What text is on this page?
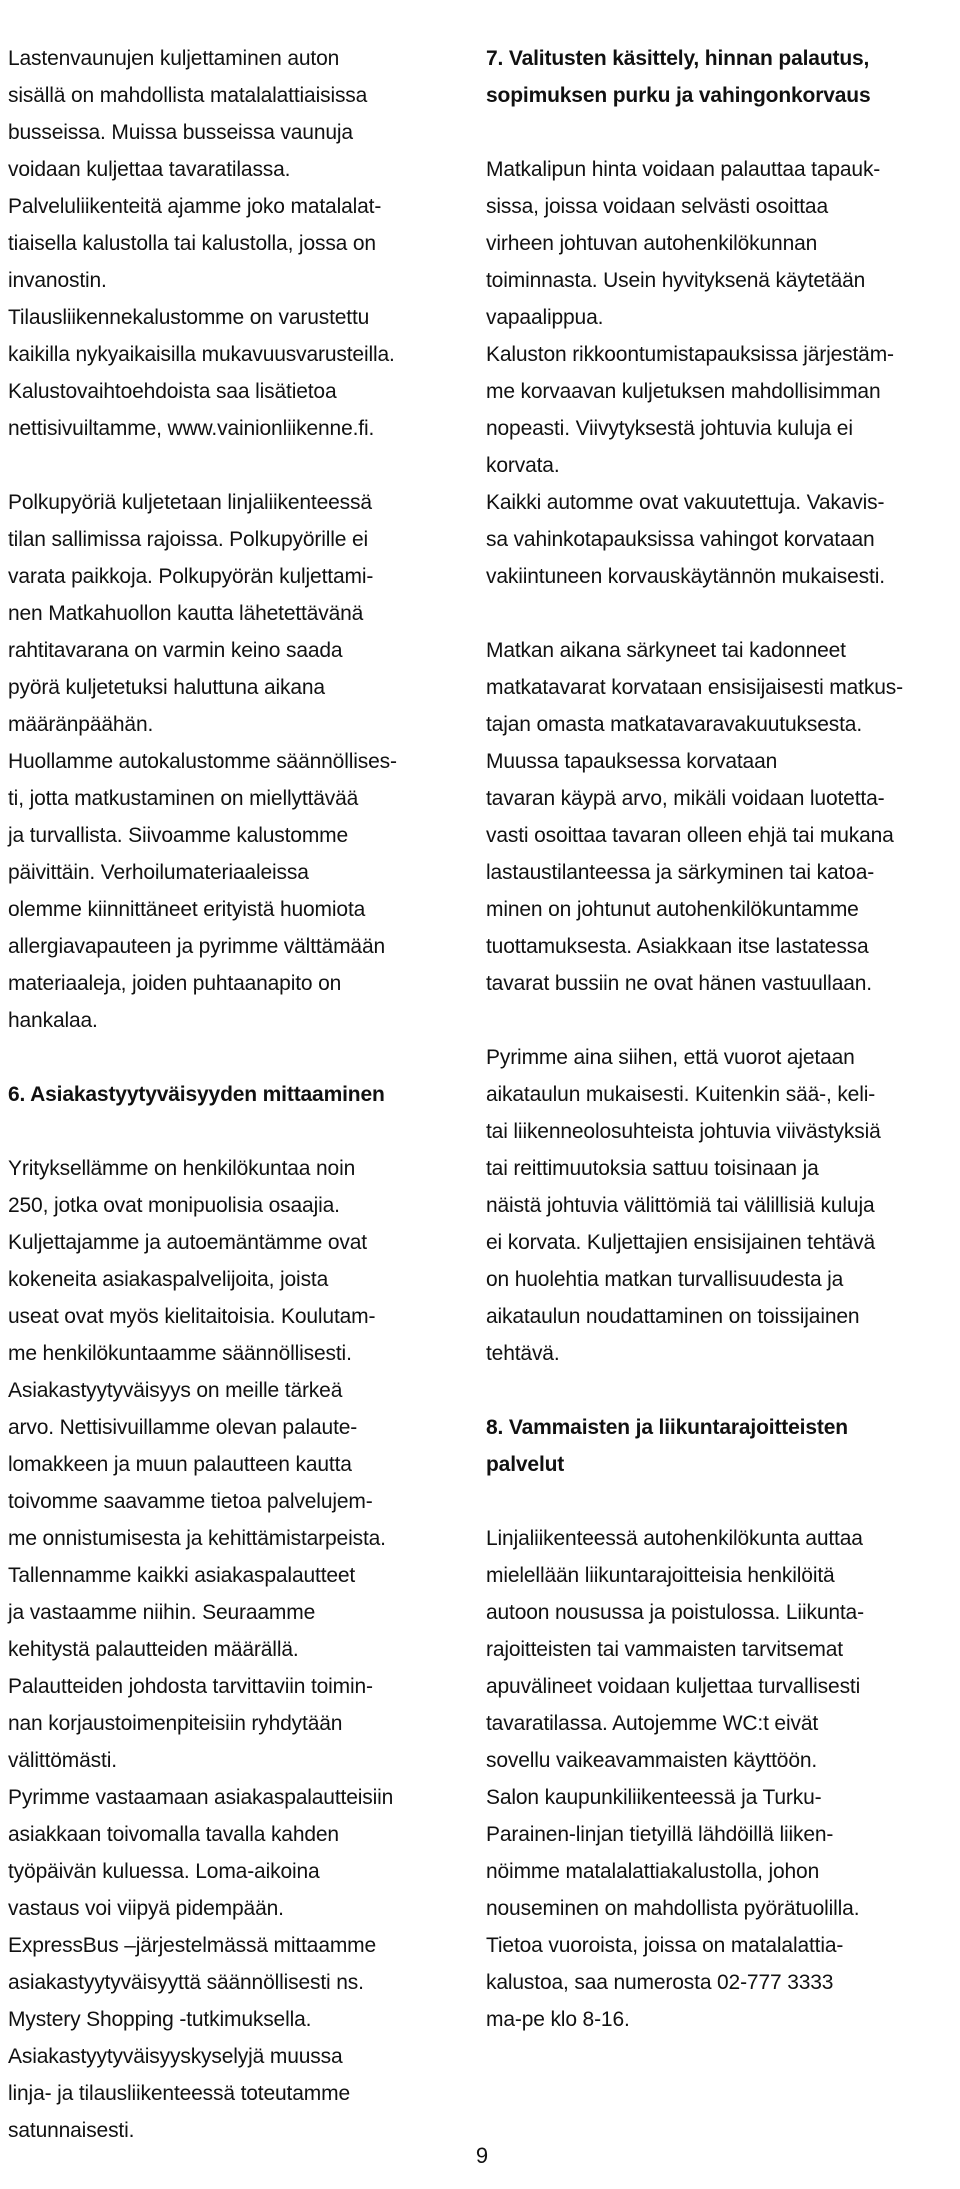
Lastenvaunujen kuljettaminen auton
sisällä on mahdollista matalalattiaisissa
busseissa. Muissa busseissa vaunuja
voidaan kuljettaa tavaratilassa.
Palveluliikenteitä ajamme joko matalalat-
tiaisella kalustolla tai kalustolla, jossa on
invanostin.
Tilausliikennekalustomme on varustettu
kaikilla nykyaikaisilla mukavuusvarusteilla.
Kalustovaihtoehdoista saa lisätietoa
nettisivuiltamme, www.vainionliikenne.fi.

Polkupyöriä kuljetetaan linjaliikenteessä
tilan sallimissa rajoissa. Polkupyörille ei
varata paikkoja. Polkupyörän kuljettami-
nen Matkahuollon kautta lähetettävänä
rahtitavarana on varmin keino saada
pyörä kuljetetuksi haluttuna aikana
määränpäähän.
Huollamme autokalustomme säännöllises-
ti, jotta matkustaminen on miellyttävää
ja turvallista. Siivoamme kalustomme
päivittäin. Verhoilumateriaaleissa
olemme kiinnittäneet erityistä huomiota
allergiavapauteen ja pyrimme välttämään
materiaaleja, joiden puhtaanapito on
hankalaa.

6. Asiakastyytyväisyyden mittaaminen

Yrityksellämme on henkilökuntaa noin
250, jotka ovat monipuolisia osaajia.
Kuljettajamme ja autoemäntämme ovat
kokeneita asiakaspalvelijoita, joista
useat ovat myös kielitaitoisia. Koulutam-
me henkilökuntaamme säännöllisesti.
Asiakastyytyväisyys on meille tärkeä
arvo. Nettisivuillamme olevan palaute-
lomakkeen ja muun palautteen kautta
toivomme saavamme tietoa palvelujem-
me onnistumisesta ja kehittämistarpeista.
Tallennamme kaikki asiakaspalautteet
ja vastaamme niihin. Seuraamme
kehitystä palautteiden määrällä.
Palautteiden johdosta tarvittaviin toimin-
nan korjaustoimenpiteisiin ryhdytään
välittömästi.
Pyrimme vastaamaan asiakaspalautteisiin
asiakkaan toivomalla tavalla kahden
työpäivän kuluessa. Loma-aikoina
vastaus voi viipyä pidempään.
ExpressBus –järjestelmässä mittaamme
asiakastyytyväisyyttä säännöllisesti ns.
Mystery Shopping -tutkimuksella.
Asiakastyytyväisyyskyselyjä muussa
linja- ja tilausliikenteessä toteutamme
satunnaisesti.

7. Valitusten käsittely, hinnan palautus,
sopimuksen purku ja vahingonkorvaus

Matkalipun hinta voidaan palauttaa tapauk-
sissa, joissa voidaan selvästi osoittaa
virheen johtuvan autohenkilökunnan
toiminnasta. Usein hyvityksenä käytetään
vapaalippua.
Kaluston rikkoontumistapauksissa järjestäm-
me korvaavan kuljetuksen mahdollisimman
nopeasti. Viivytyksestä johtuvia kuluja ei
korvata.
Kaikki automme ovat vakuutettuja. Vakavis-
sa vahinkotapauksissa vahingot korvataan
vakiintuneen korvauskäytännön mukaisesti.

Matkan aikana särkyneet tai kadonneet
matkatavarat korvataan ensisijaisesti matkus-
tajan omasta matkatavaravakuutuksesta.
Muussa tapauksessa korvataan
tavaran käypä arvo, mikäli voidaan luotetta-
vasti osoittaa tavaran olleen ehjä tai mukana
lastaustilanteessa ja särkyminen tai katoa-
minen on johtunut autohenkilökuntamme
tuottamuksesta. Asiakkaan itse lastatessa
tavarat bussiin ne ovat hänen vastuullaan.

Pyrimme aina siihen, että vuorot ajetaan
aikataulun mukaisesti. Kuitenkin sää-, keli-
tai liikenneolosuhteista johtuvia viivästyksiä
tai reittimuutoksia sattuu toisinaan ja
näistä johtuvia välittömiä tai välillisiä kuluja
ei korvata. Kuljettajien ensisijainen tehtävä
on huolehtia matkan turvallisuudesta ja
aikataulun noudattaminen on toissijainen
tehtävä.

8. Vammaisten ja liikuntarajoitteisten
palvelut

Linjaliikenteessä autohenkilökunta auttaa
mielellään liikuntarajoitteisia henkilöitä
autoon nousussa ja poistulossa. Liikunta-
rajoitteisten tai vammaisten tarvitsemat
apuvälineet voidaan kuljettaa turvallisesti
tavaratilassa. Autojemme WC:t eivät
sovellu vaikeavammaisten käyttöön.
Salon kaupunkiliikenteessä ja Turku-
Parainen-linjan tietyillä lähdöillä liiken-
nöimme matalalattiakalustolla, johon
nouseminen on mahdollista pyörätuolilla.
Tietoa vuoroista, joissa on matalalattia-
kalustoa, saa numerosta 02-777 3333
ma-pe klo 8-16.

9
